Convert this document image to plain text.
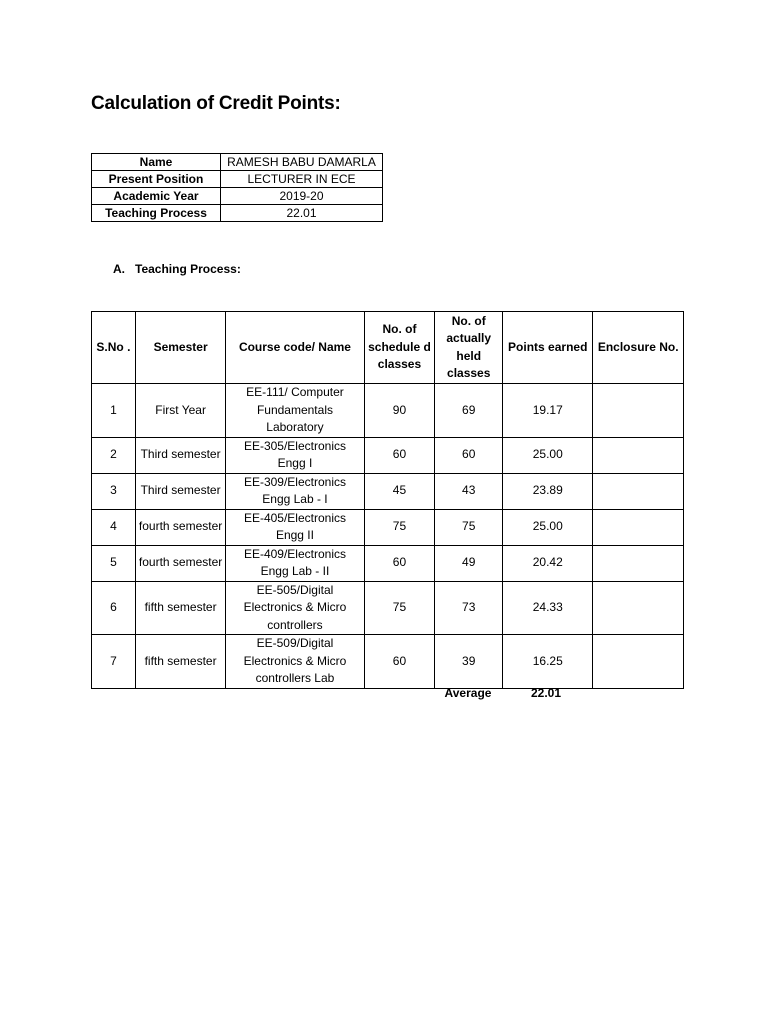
Calculation of Credit Points:
Name	RAMESH BABU DAMARLA
Present Position	LECTURER IN ECE
Academic Year	2019-20
Teaching Process	22.01
A. Teaching Process:
S.No .	Semester	Course code/ Name	No. of schedule d classes	No. of actually held classes	Points earned	Enclosure No.
1	First Year	EE-111/ Computer Fundamentals Laboratory	90	69	19.17	
2	Third semester	EE-305/Electronics Engg I	60	60	25.00	
3	Third semester	EE-309/Electronics Engg Lab - I	45	43	23.89	
4	fourth semester	EE-405/Electronics Engg II	75	75	25.00	
5	fourth semester	EE-409/Electronics Engg Lab - II	60	49	20.42	
6	fifth semester	EE-505/Digital Electronics & Micro controllers	75	73	24.33	
7	fifth semester	EE-509/Digital Electronics & Micro controllers Lab	60	39	16.25	
Average	22.01
